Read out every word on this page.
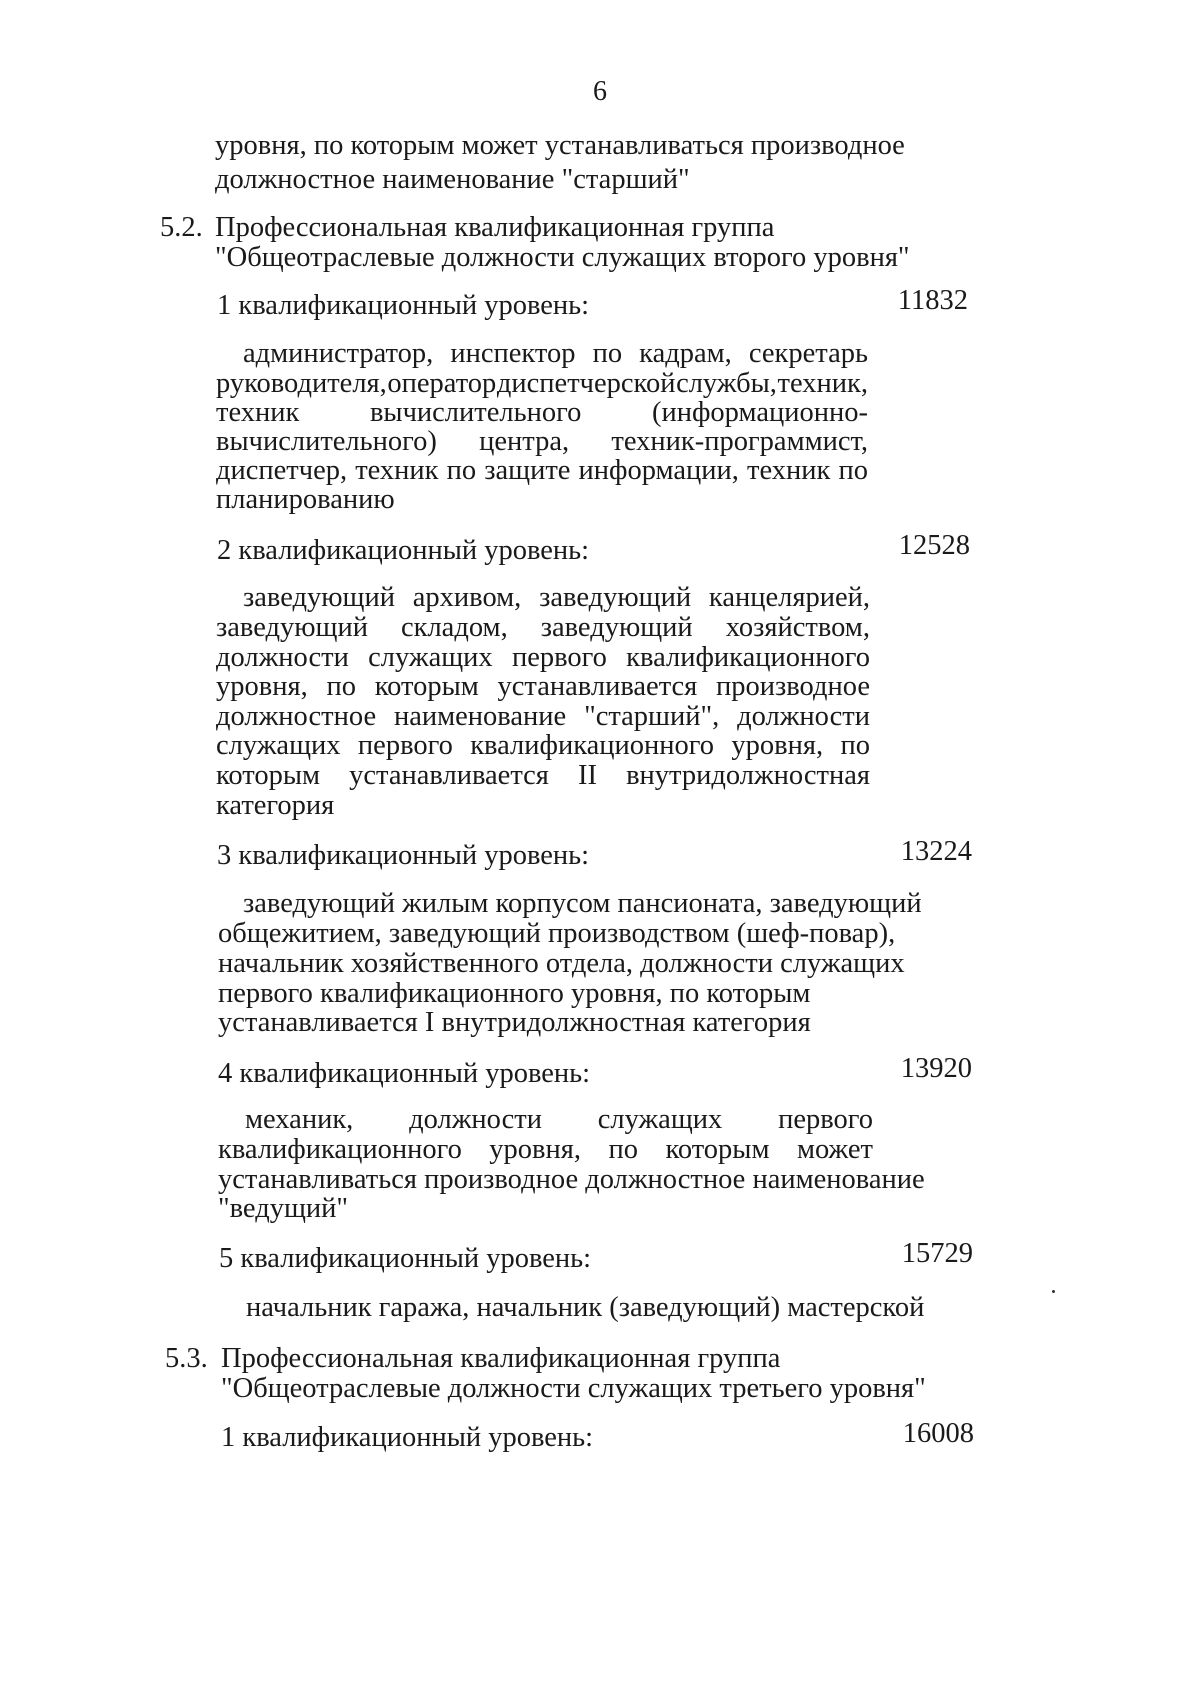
6
уровня, по которым может устанавливаться производное
должностное наименование "старший"
5.2. Профессиональная квалификационная группа
"Общеотраслевые должности служащих второго уровня"
1 квалификационный уровень:	11832
администратор, инспектор по кадрам, секретарь
руководителя, оператор диспетчерской службы, техник,
техник вычислительного (информационно-
вычислительного) центра, техник-программист,
диспетчер, техник по защите информации, техник по
планированию
2 квалификационный уровень:	12528
заведующий архивом, заведующий канцелярией,
заведующий складом, заведующий хозяйством,
должности служащих первого квалификационного
уровня, по которым устанавливается производное
должностное наименование "старший", должности
служащих первого квалификационного уровня, по
которым устанавливается II внутридолжностная
категория
3 квалификационный уровень:	13224
заведующий жилым корпусом пансионата, заведующий
общежитием, заведующий производством (шеф-повар),
начальник хозяйственного отдела, должности служащих
первого квалификационного уровня, по которым
устанавливается I внутридолжностная категория
4 квалификационный уровень:	13920
механик, должности служащих первого
квалификационного уровня, по которым может
устанавливаться производное должностное наименование
"ведущий"
5 квалификационный уровень:	15729
начальник гаража, начальник (заведующий) мастерской
5.3. Профессиональная квалификационная группа
"Общеотраслевые должности служащих третьего уровня"
1 квалификационный уровень:	16008
